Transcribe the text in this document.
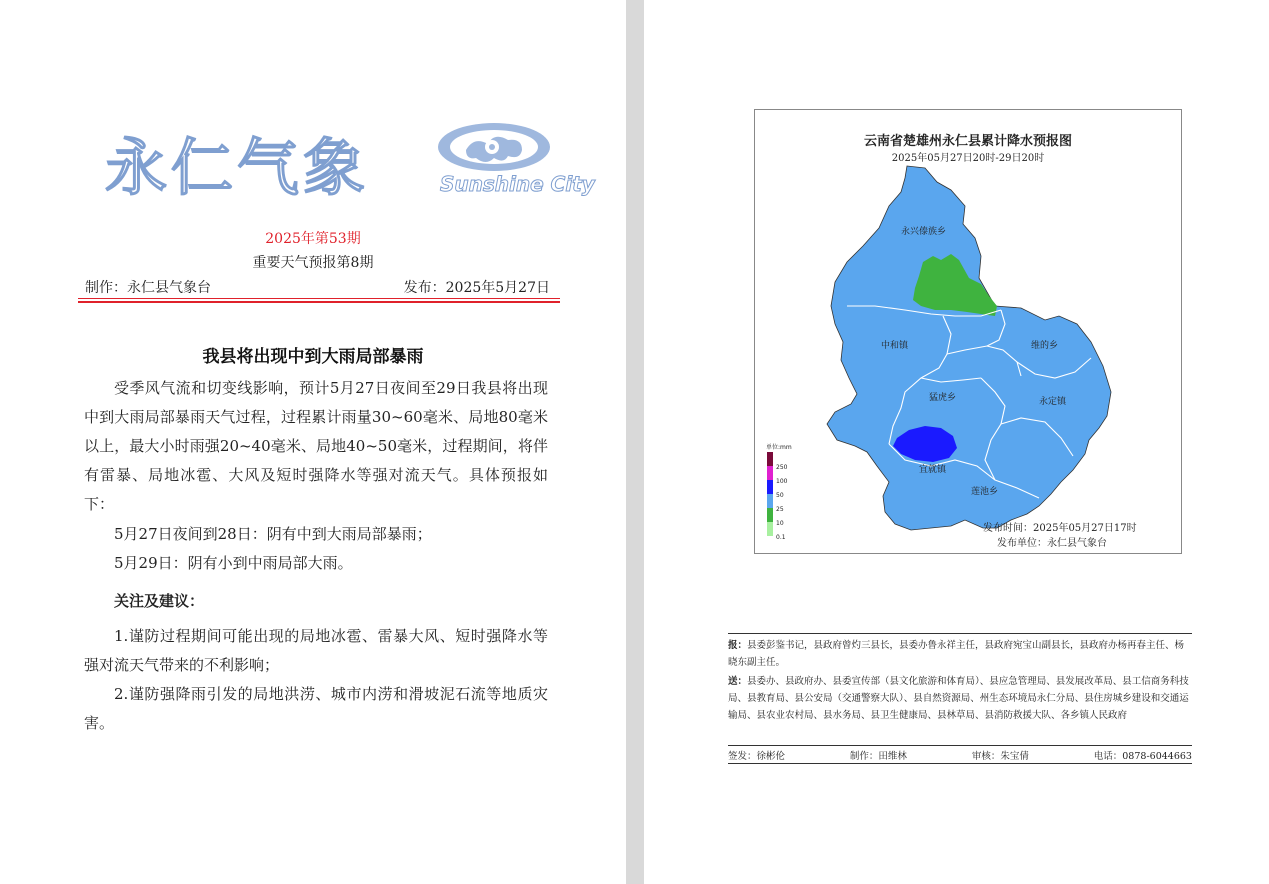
永仁气象	Sunshine City
2025年第53期
重要天气预报第8期
制作：永仁县气象台	发布：2025年5月27日
我县将出现中到大雨局部暴雨
受季风气流和切变线影响，预计5月27日夜间至29日我县将出现中到大雨局部暴雨天气过程，过程累计雨量30~60毫米、局地80毫米以上，最大小时雨强20~40毫米、局地40~50毫米，过程期间，将伴有雷暴、局地冰雹、大风及短时强降水等强对流天气。具体预报如下：
5月27日夜间到28日：阴有中到大雨局部暴雨；
5月29日：阴有小到中雨局部大雨。
关注及建议：
1.谨防过程期间可能出现的局地冰雹、雷暴大风、短时强降水等强对流天气带来的不利影响；
2.谨防强降雨引发的局地洪涝、城市内涝和滑坡泥石流等地质灾害。
云南省楚雄州永仁县累计降水预报图
2025年05月27日20时-29日20时
永兴傣族乡
中和镇	维的乡
猛虎乡	永定镇
宜就镇
莲池乡
单位:mm
250
100
50
25
10
0.1
发布时间：2025年05月27日17时
发布单位：永仁县气象台
报：县委彭鉴书记，县政府曾灼三县长，县委办鲁永祥主任，县政府宛宝山副县长，县政府办杨再春主任、杨晓东副主任。
送：县委办、县政府办、县委宣传部（县文化旅游和体育局）、县应急管理局、县发展改革局、县工信商务科技局、县教育局、县公安局（交通警察大队）、县自然资源局、州生态环境局永仁分局、县住房城乡建设和交通运输局、县农业农村局、县水务局、县卫生健康局、县林草局、县消防救援大队、各乡镇人民政府
签发：徐彬伦	制作：田维林	审核：朱宝倩	电话：0878-6044663
